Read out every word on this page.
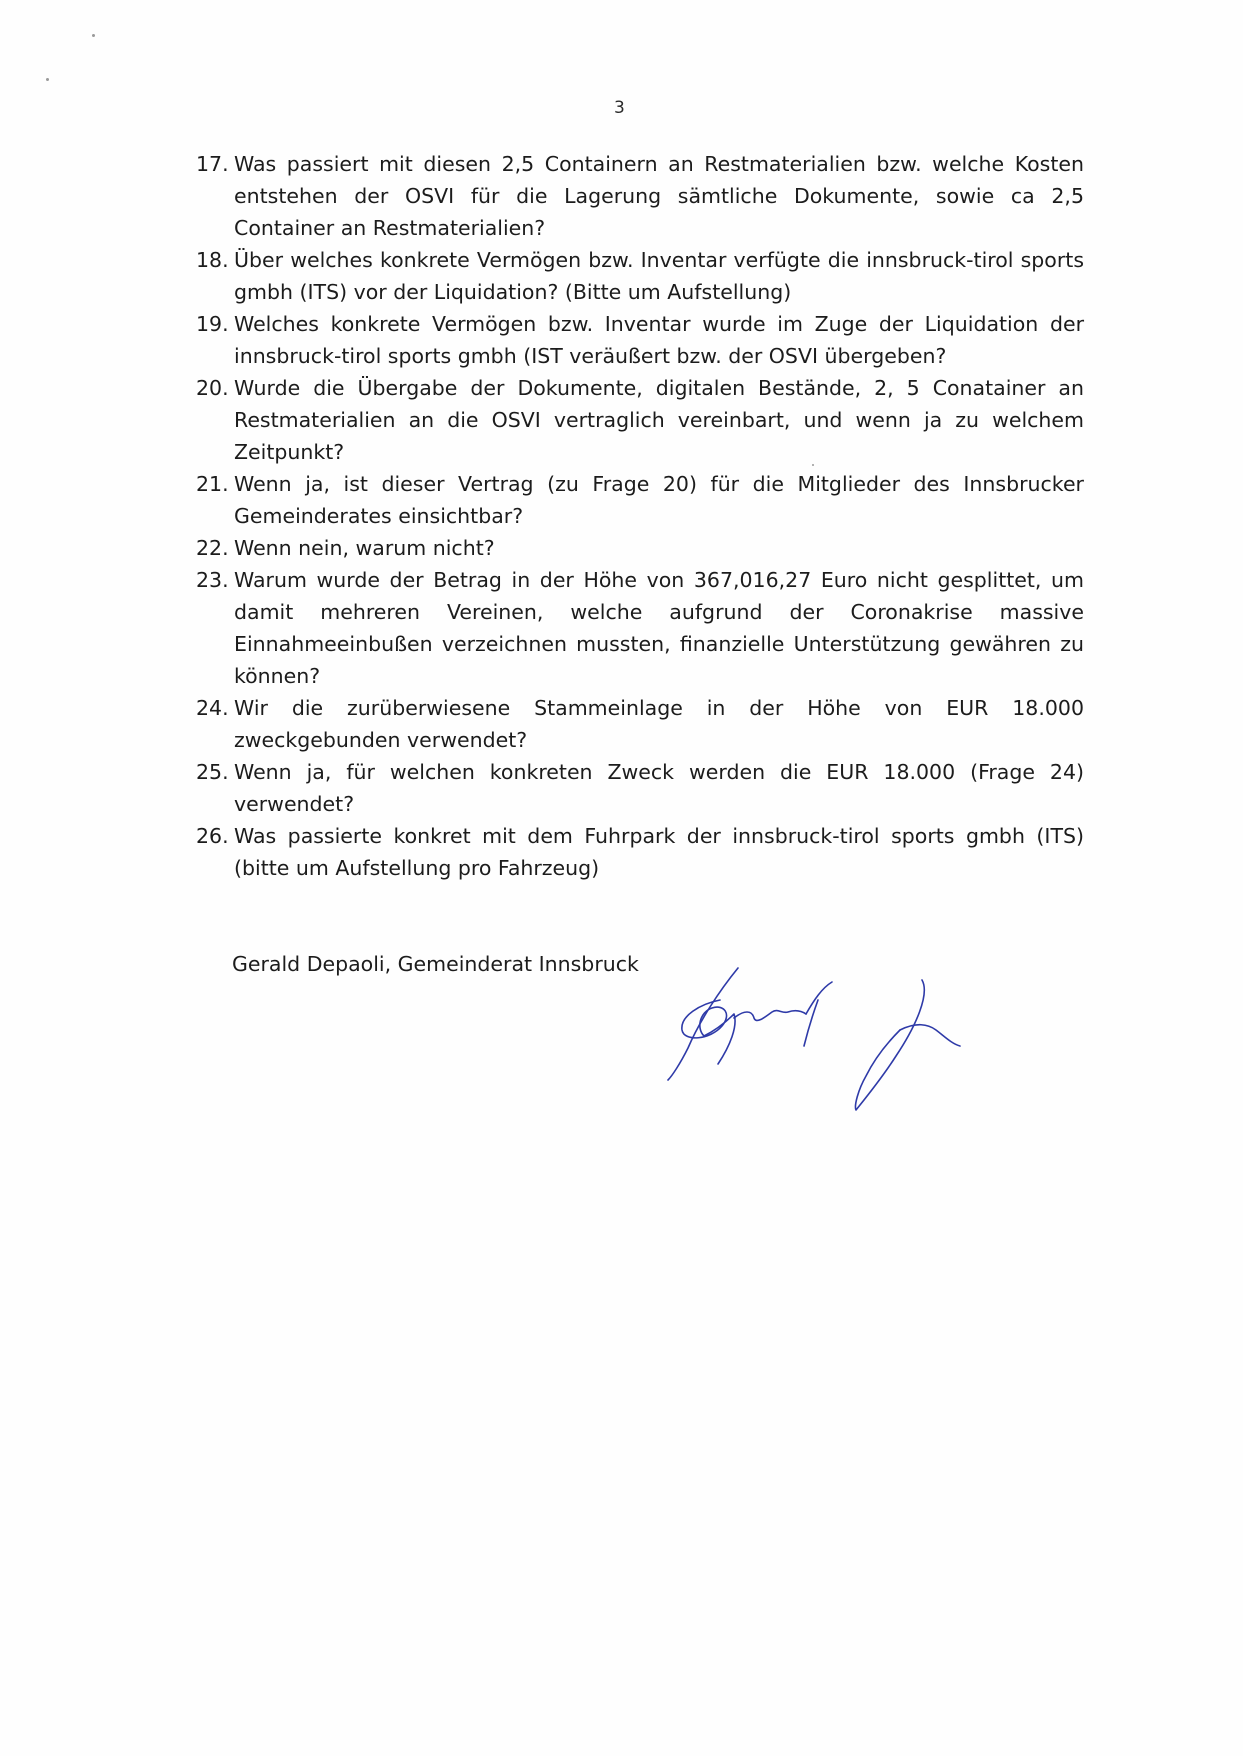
3
17. Was passiert mit diesen 2,5 Containern an Restmaterialien bzw. welche Kosten entstehen der OSVI für die Lagerung sämtliche Dokumente, sowie ca 2,5 Container an Restmaterialien?
18. Über welches konkrete Vermögen bzw. Inventar verfügte die innsbruck-tirol sports gmbh (ITS) vor der Liquidation? (Bitte um Aufstellung)
19. Welches konkrete Vermögen bzw. Inventar wurde im Zuge der Liquidation der innsbruck-tirol sports gmbh (IST veräußert bzw. der OSVI übergeben?
20. Wurde die Übergabe der Dokumente, digitalen Bestände, 2, 5 Conatainer an Restmaterialien an die OSVI vertraglich vereinbart, und wenn ja zu welchem Zeitpunkt?
21. Wenn ja, ist dieser Vertrag (zu Frage 20) für die Mitglieder des Innsbrucker Gemeinderates einsichtbar?
22. Wenn nein, warum nicht?
23. Warum wurde der Betrag in der Höhe von 367,016,27 Euro nicht gesplittet, um damit mehreren Vereinen, welche aufgrund der Coronakrise massive Einnahmeeinbußen verzeichnen mussten, finanzielle Unterstützung gewähren zu können?
24. Wir die zurüberwiesene Stammeinlage in der Höhe von EUR 18.000 zweckgebunden verwendet?
25. Wenn ja, für welchen konkreten Zweck werden die EUR 18.000 (Frage 24) verwendet?
26. Was passierte konkret mit dem Fuhrpark der innsbruck-tirol sports gmbh (ITS) (bitte um Aufstellung pro Fahrzeug)
Gerald Depaoli, Gemeinderat Innsbruck
